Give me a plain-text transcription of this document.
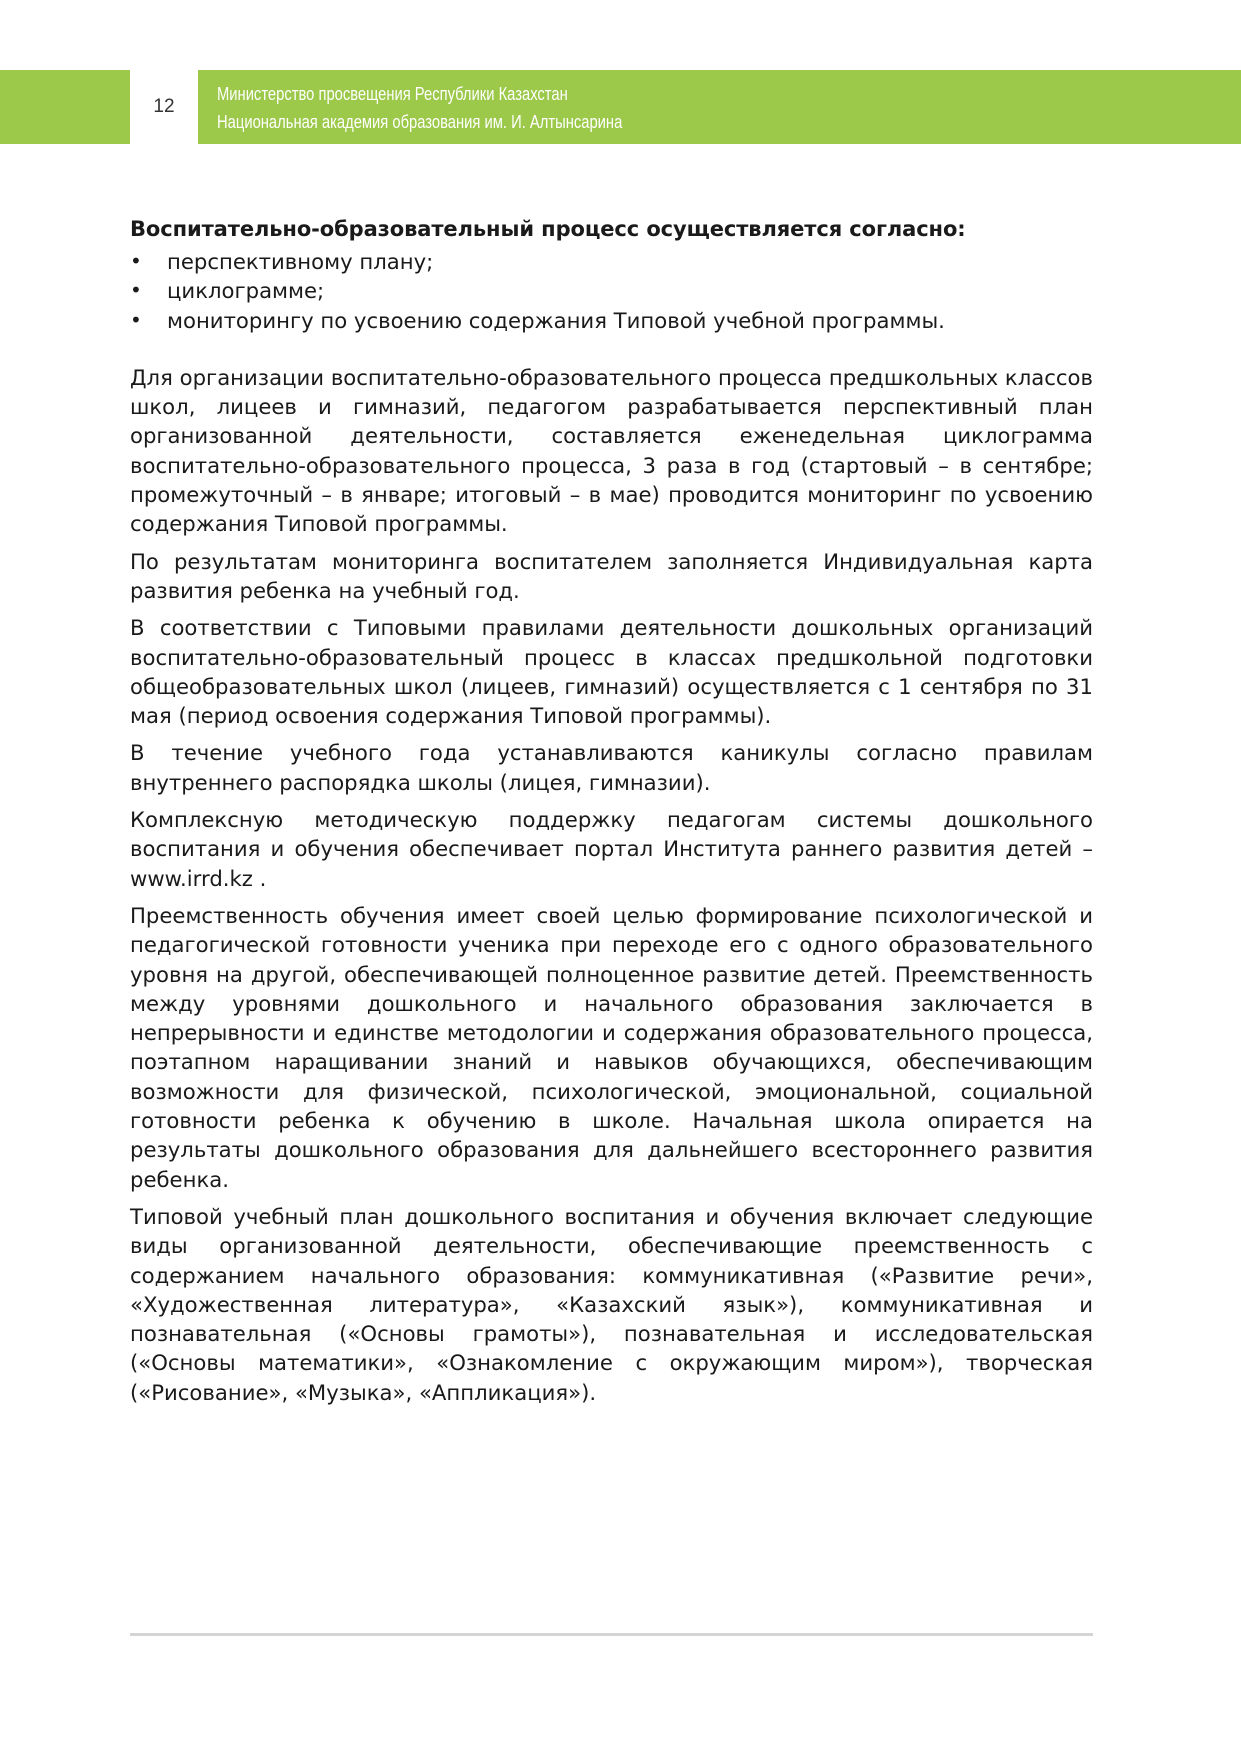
12
Министерство просвещения Республики Казахстан
Национальная академия образования им. И. Алтынсарина
Воспитательно-образовательный процесс осуществляется согласно:
• перспективному плану;
• циклограмме;
• мониторингу по усвоению содержания Типовой учебной программы.

Для организации воспитательно-образовательного процесса предшкольных классов школ, лицеев и гимназий, педагогом разрабатывается перспективный план организованной деятельности, составляется еженедельная циклограмма воспитательно-образовательного процесса, 3 раза в год (стартовый – в сентябре; промежуточный – в январе; итоговый – в мае) проводится мониторинг по усвоению содержания Типовой программы.

По результатам мониторинга воспитателем заполняется Индивидуальная карта развития ребенка на учебный год.

В соответствии с Типовыми правилами деятельности дошкольных организаций воспитательно-образовательный процесс в классах предшкольной подготовки общеобразовательных школ (лицеев, гимназий) осуществляется с 1 сентября по 31 мая (период освоения содержания Типовой программы).

В течение учебного года устанавливаются каникулы согласно правилам внутреннего распорядка школы (лицея, гимназии).

Комплексную методическую поддержку педагогам системы дошкольного воспитания и обучения обеспечивает портал Института раннего развития детей – www.irrd.kz .

Преемственность обучения имеет своей целью формирование психологической и педагогической готовности ученика при переходе его с одного образовательного уровня на другой, обеспечивающей полноценное развитие детей. Преемственность между уровнями дошкольного и начального образования заключается в непрерывности и единстве методологии и содержания образовательного процесса, поэтапном наращивании знаний и навыков обучающихся, обеспечивающим возможности для физической, психологической, эмоциональной, социальной готовности ребенка к обучению в школе. Начальная школа опирается на результаты дошкольного образования для дальнейшего всестороннего развития ребенка.

Типовой учебный план дошкольного воспитания и обучения включает следующие виды организованной деятельности, обеспечивающие преемственность с содержанием начального образования: коммуникативная («Развитие речи», «Художественная литература», «Казахский язык»), коммуникативная и познавательная («Основы грамоты»), познавательная и исследовательская («Основы математики», «Ознакомление с окружающим миром»), творческая («Рисование», «Музыка», «Аппликация»).
